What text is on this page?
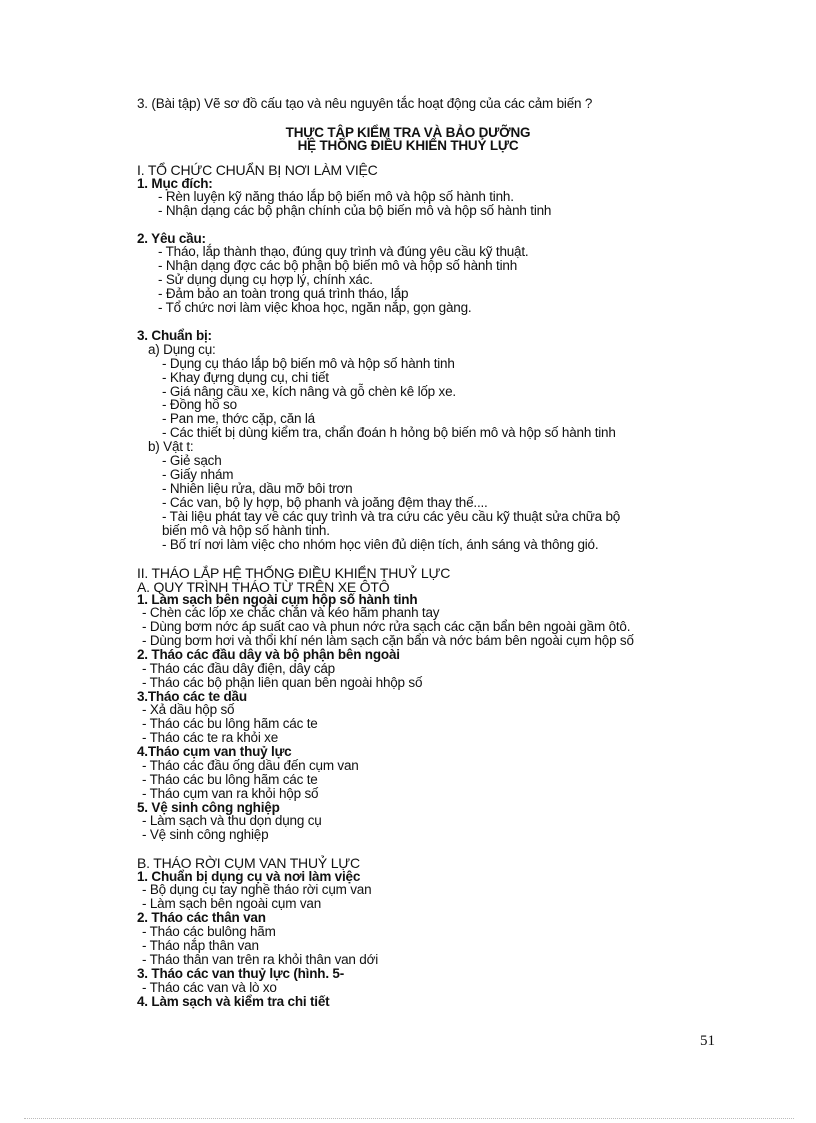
3. (Bài tập) Vẽ sơ đồ cấu tạo và nêu nguyên tắc hoạt động của các cảm biến ?
THỰC TẬP KIỂM TRA VÀ BẢO DƯỠNG
HỆ THỐNG ĐIỀU KHIỂN THUỶ LỰC
I. TỔ CHỨC CHUẨN BỊ NƠI LÀM VIỆC
1. Mục đích:
- Rèn luyện kỹ năng tháo lắp bộ biến mô và hộp số hành tinh.
- Nhận dạng các bộ phận chính của bộ biến mô và hộp số hành tinh
2. Yêu cầu:
- Tháo, lắp thành thạo, đúng quy trình và đúng yêu cầu kỹ thuật.
- Nhận dạng đợc các bộ phận bộ biến mô và hộp số hành tinh
- Sử dụng dụng cụ hợp lý, chính xác.
- Đảm bảo an toàn trong quá trình tháo, lắp
- Tổ chức nơi làm việc khoa học, ngăn nắp, gọn gàng.
3. Chuẩn bị:
a) Dụng cụ:
- Dụng cụ tháo lắp bộ biến mô và hộp số hành tinh
- Khay đựng dụng cụ, chi tiết
- Giá nâng cầu xe, kích nâng và gỗ chèn kê lốp xe.
- Đồng hồ so
- Pan me, thớc cặp, căn lá
- Các thiết bị dùng kiểm tra, chẩn đoán h hỏng bộ biến mô và hộp số hành tinh
b) Vật t:
- Giẻ sạch
- Giấy nhám
- Nhiên liệu rửa, dầu mỡ bôi trơn
- Các van, bộ ly hợp, bộ phanh và joăng đệm thay thế....
- Tài liệu phát tay về các quy trình và tra cứu các yêu cầu kỹ thuật sửa chữa bộ
biến mô và hộp số hành tinh.
- Bố trí nơi làm việc cho nhóm học viên đủ diện tích, ánh sáng và thông gió.
II. THÁO LẮP HỆ THỐNG ĐIỀU KHIỂN THUỶ LỰC
A. QUY TRÌNH THÁO TỪ TRÊN XE ÔTÔ
1. Làm sạch bên ngoài cụm hộp số hành tinh
- Chèn các lốp xe chắc chắn và kéo hãm phanh tay
- Dùng bơm nớc áp suất cao và phun nớc rửa sạch các cặn bẩn bên ngoài gầm ôtô.
- Dùng bơm hơi và thổi khí nén làm sạch cặn bẩn và nớc bám bên ngoài cụm hộp số
2. Tháo các đầu dây và bộ phận bên ngoài
- Tháo các đầu dây điện, dây cáp
- Tháo các bộ phận liên quan bên ngoài hhộp số
3.Tháo các te dầu
- Xả dầu hộp số
- Tháo các bu lông hãm các te
- Tháo các te ra khỏi xe
4.Tháo cụm van thuỷ lực
- Tháo các đầu ống dầu đến cụm van
- Tháo các bu lông hãm các te
- Tháo cụm van ra khỏi hộp số
5. Vệ sinh công nghiệp
- Làm sạch và thu dọn dụng cụ
- Vệ sinh công nghiệp
B. THÁO RỜI CỤM VAN THUỶ LỰC
1. Chuẩn bị dụng cụ và nơi làm việc
- Bộ dụng cụ tay nghề tháo rời cụm van
- Làm sạch bên ngoài cụm van
2. Tháo các thân van
- Tháo các bulông hãm
- Tháo nắp thân van
- Tháo thân van trên ra khỏi thân van dới
3. Tháo các van thuỷ lực (hình. 5-
- Tháo các van và lò xo
4. Làm sạch và kiểm tra chi tiết
51
